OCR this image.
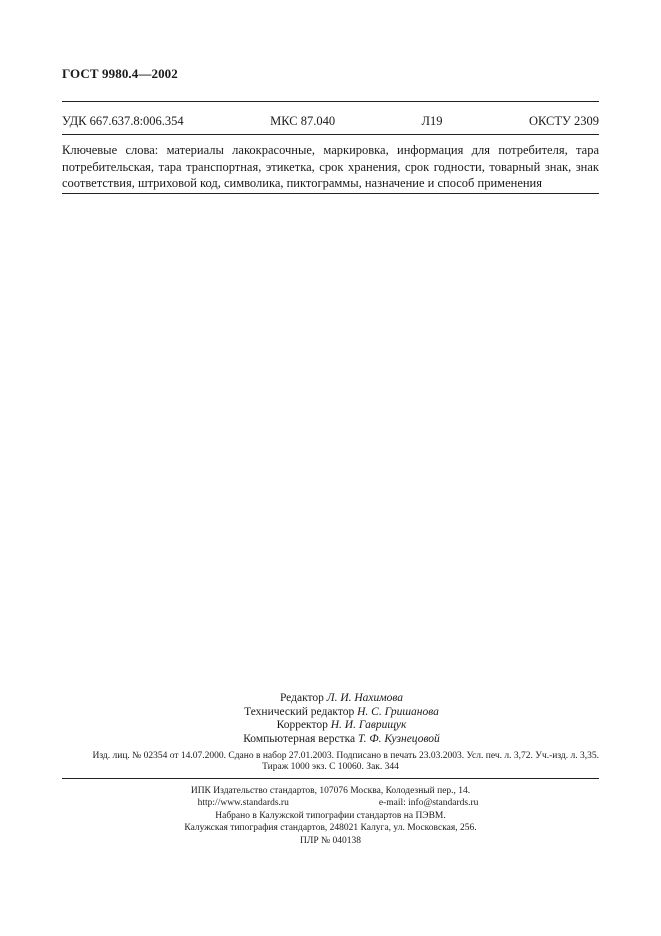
ГОСТ 9980.4—2002
УДК 667.637.8:006.354	МКС 87.040	Л19	ОКСТУ 2309
Ключевые слова: материалы лакокрасочные, маркировка, информация для потребителя, тара потребительская, тара транспортная, этикетка, срок хранения, срок годности, товарный знак, знак соответствия, штриховой код, символика, пиктограммы, назначение и способ применения
Редактор Л. И. Нахимова
Технический редактор Н. С. Гришанова
Корректор Н. И. Гаврищук
Компьютерная верстка Т. Ф. Кузнецовой
Изд. лиц. № 02354 от 14.07.2000. Сдано в набор 27.01.2003. Подписано в печать 23.03.2003. Усл. печ. л. 3,72. Уч.-изд. л. 3,35.
Тираж 1000 экз. С 10060. Зак. 344
ИПК Издательство стандартов, 107076 Москва, Колодезный пер., 14.
http://www.standards.ru	e-mail: info@standards.ru
Набрано в Калужской типографии стандартов на ПЭВМ.
Калужская типография стандартов, 248021 Калуга, ул. Московская, 256.
ПЛР № 040138
